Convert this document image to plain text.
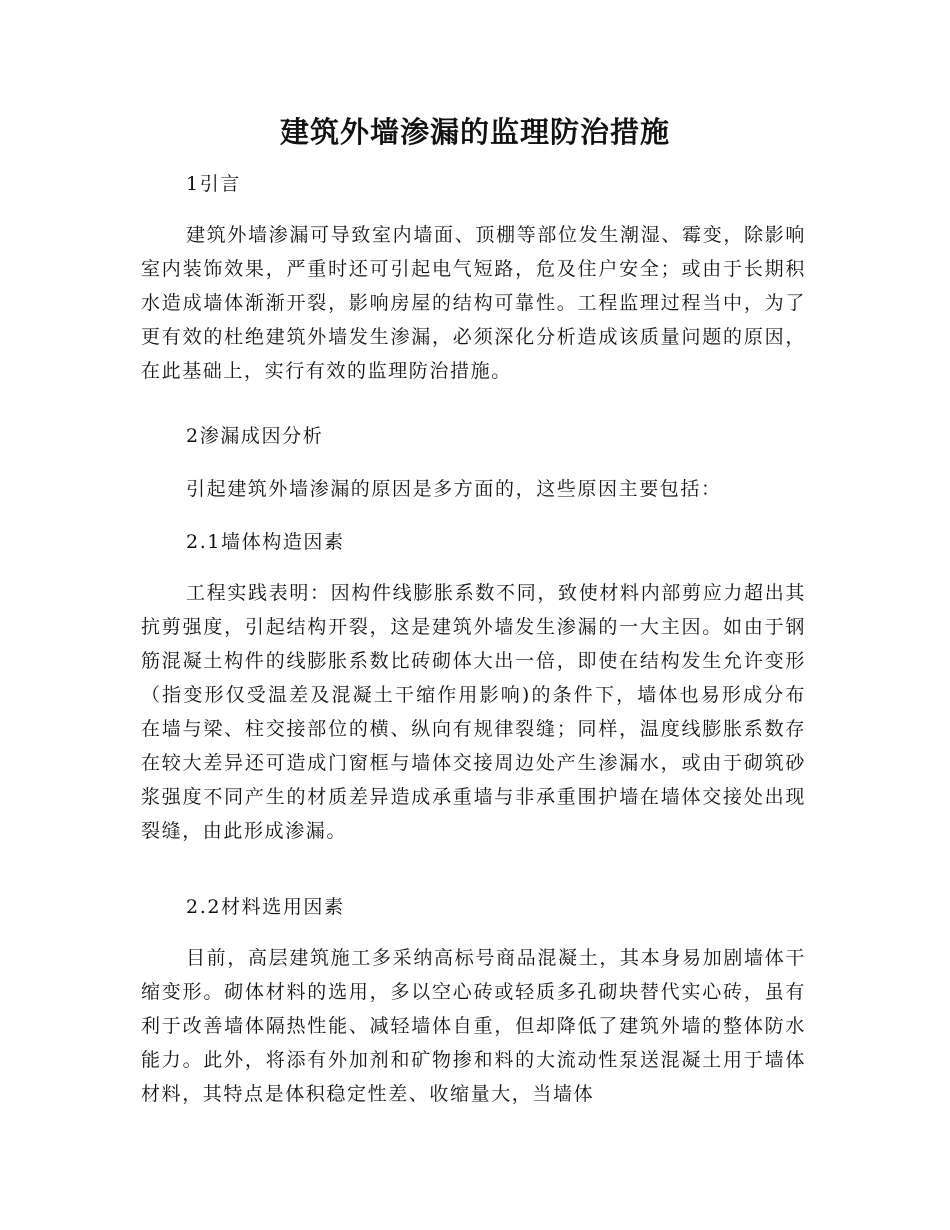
建筑外墙渗漏的监理防治措施

1引言

建筑外墙渗漏可导致室内墙面、顶棚等部位发生潮湿、霉变，除影响室内装饰效果，严重时还可引起电气短路，危及住户安全；或由于长期积水造成墙体渐渐开裂，影响房屋的结构可靠性。工程监理过程当中，为了更有效的杜绝建筑外墙发生渗漏，必须深化分析造成该质量问题的原因，在此基础上，实行有效的监理防治措施。

2渗漏成因分析

引起建筑外墙渗漏的原因是多方面的，这些原因主要包括：

2.1墙体构造因素

工程实践表明：因构件线膨胀系数不同，致使材料内部剪应力超出其抗剪强度，引起结构开裂，这是建筑外墙发生渗漏的一大主因。如由于钢筋混凝土构件的线膨胀系数比砖砌体大出一倍，即使在结构发生允许变形（指变形仅受温差及混凝土干缩作用影响)的条件下，墙体也易形成分布在墙与梁、柱交接部位的横、纵向有规律裂缝；同样，温度线膨胀系数存在较大差异还可造成门窗框与墙体交接周边处产生渗漏水，或由于砌筑砂浆强度不同产生的材质差异造成承重墙与非承重围护墙在墙体交接处出现裂缝，由此形成渗漏。

2.2材料选用因素

目前，高层建筑施工多采纳高标号商品混凝土，其本身易加剧墙体干缩变形。砌体材料的选用，多以空心砖或轻质多孔砌块替代实心砖，虽有利于改善墙体隔热性能、减轻墙体自重，但却降低了建筑外墙的整体防水能力。此外，将添有外加剂和矿物掺和料的大流动性泵送混凝土用于墙体材料，其特点是体积稳定性差、收缩量大，当墙体
